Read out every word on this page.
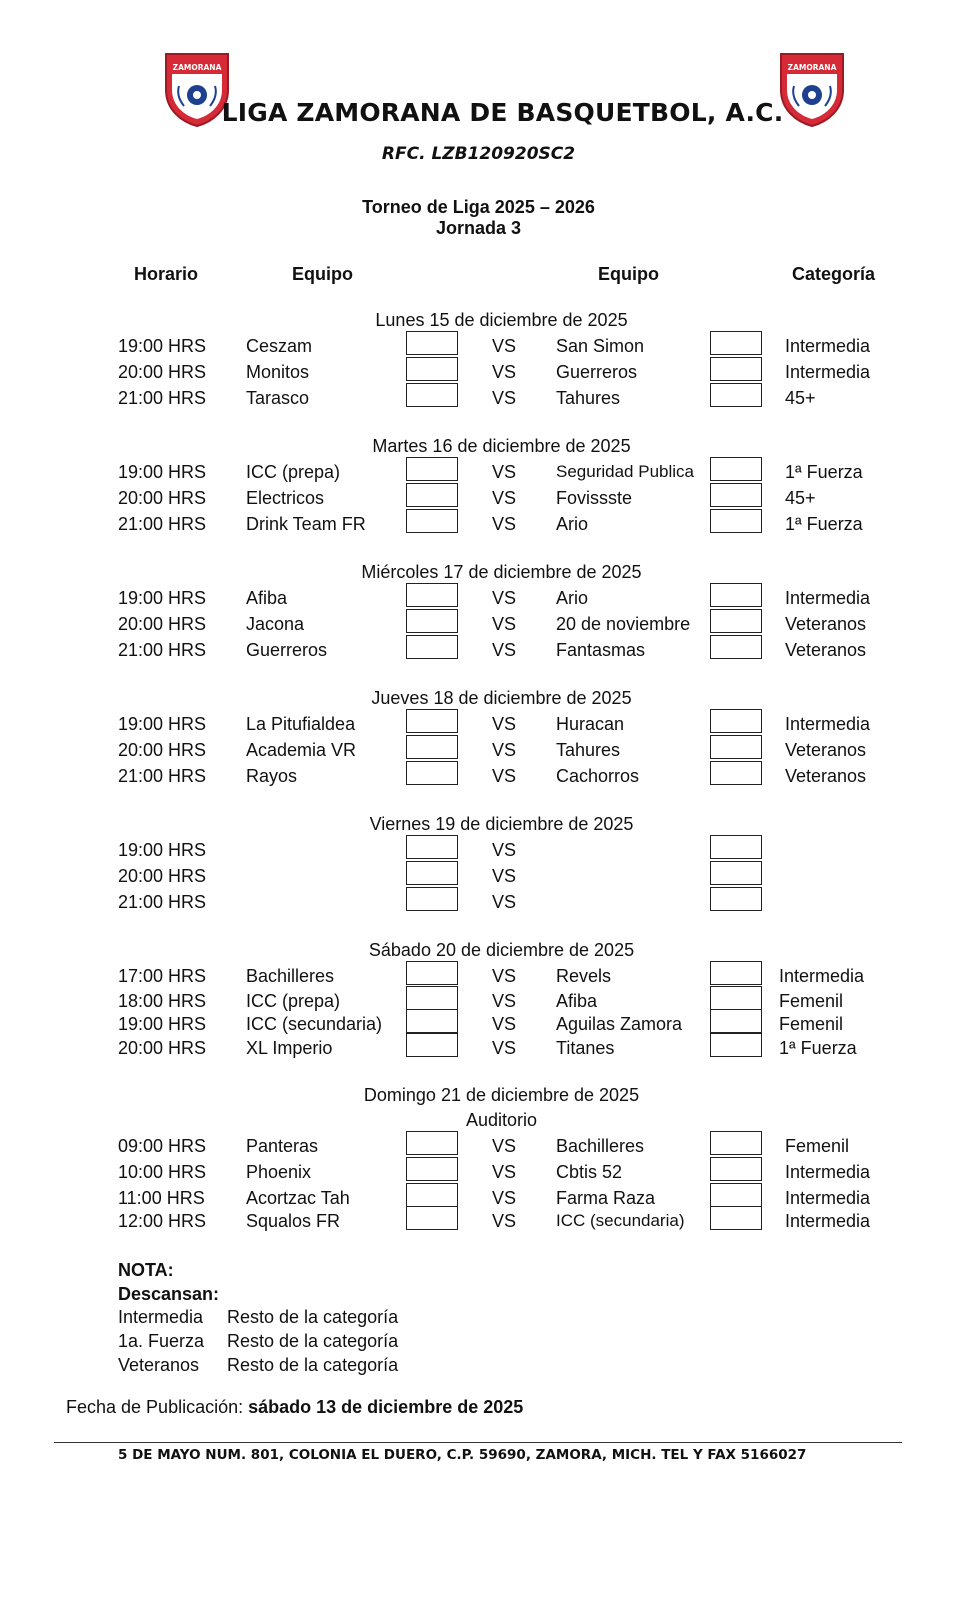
ZAMORANA	ZAMORANA
LIGA ZAMORANA DE BASQUETBOL, A.C.
RFC. LZB120920SC2
Torneo de Liga 2025 – 2026
Jornada 3
Horario	Equipo	Equipo	Categoría
Lunes 15 de diciembre de 2025
19:00 HRS Ceszam	VS San Simon	Intermedia
20:00 HRS Monitos	VS Guerreros	Intermedia
21:00 HRS Tarasco	VS Tahures	45+
Martes 16 de diciembre de 2025
19:00 HRS ICC (prepa)	VS Seguridad Publica	1ª Fuerza
20:00 HRS Electricos	VS Fovissste	45+
21:00 HRS Drink Team FR	VS Ario	1ª Fuerza
Miércoles 17 de diciembre de 2025
19:00 HRS Afiba	VS Ario	Intermedia
20:00 HRS Jacona	VS 20 de noviembre	Veteranos
21:00 HRS Guerreros	VS Fantasmas	Veteranos
Jueves 18 de diciembre de 2025
19:00 HRS La Pitufialdea	VS Huracan	Intermedia
20:00 HRS Academia VR	VS Tahures	Veteranos
21:00 HRS Rayos	VS Cachorros	Veteranos
Viernes 19 de diciembre de 2025
19:00 HRS	VS
20:00 HRS	VS
21:00 HRS	VS
Sábado 20 de diciembre de 2025
17:00 HRS Bachilleres	VS Revels	Intermedia
18:00 HRS ICC (prepa)	VS Afiba	Femenil
19:00 HRS ICC (secundaria)	VS Aguilas Zamora	Femenil
20:00 HRS XL Imperio	VS Titanes	1ª Fuerza
Domingo 21 de diciembre de 2025
Auditorio
09:00 HRS Panteras	VS Bachilleres	Femenil
10:00 HRS Phoenix	VS Cbtis 52	Intermedia
11:00 HRS Acortzac Tah	VS Farma Raza	Intermedia
12:00 HRS Squalos FR	VS ICC (secundaria)	Intermedia
NOTA:
Descansan:
Intermedia Resto de la categoría
1a. Fuerza Resto de la categoría
Veteranos Resto de la categoría
Fecha de Publicación: sábado 13 de diciembre de 2025
5 DE MAYO NUM. 801, COLONIA EL DUERO, C.P. 59690, ZAMORA, MICH. TEL Y FAX 5166027
